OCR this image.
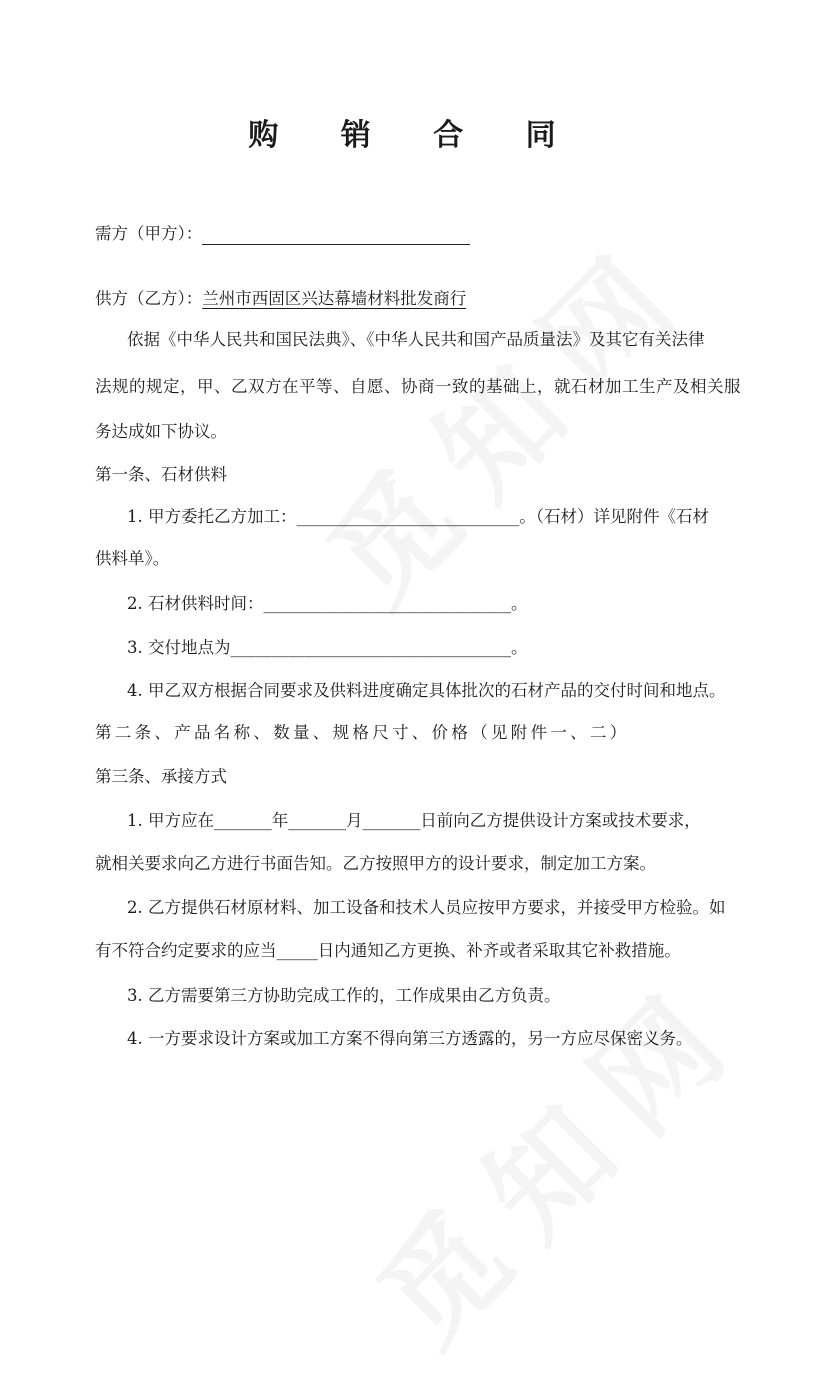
购 销 合 同
需方（甲方）：
供方（乙方）：兰州市西固区兴达幕墙材料批发商行
依据《中华人民共和国民法典》、《中华人民共和国产品质量法》及其它有关法律
法规的规定，甲、乙双方在平等、自愿、协商一致的基础上，就石材加工生产及相关服
务达成如下协议。
第一条、石材供料
1. 甲方委托乙方加工：___________________________。（石材）详见附件《石材
供料单》。
2. 石材供料时间：______________________________。
3. 交付地点为__________________________________。
4. 甲乙双方根据合同要求及供料进度确定具体批次的石材产品的交付时间和地点。
第二条、产品名称、数量、规格尺寸、价格（见附件一、二）
第三条、承接方式
1. 甲方应在_______年_______月_______日前向乙方提供设计方案或技术要求，
就相关要求向乙方进行书面告知。乙方按照甲方的设计要求，制定加工方案。
2. 乙方提供石材原材料、加工设备和技术人员应按甲方要求，并接受甲方检验。如
有不符合约定要求的应当_____日内通知乙方更换、补齐或者采取其它补救措施。
3. 乙方需要第三方协助完成工作的，工作成果由乙方负责。
4. 一方要求设计方案或加工方案不得向第三方透露的，另一方应尽保密义务。
